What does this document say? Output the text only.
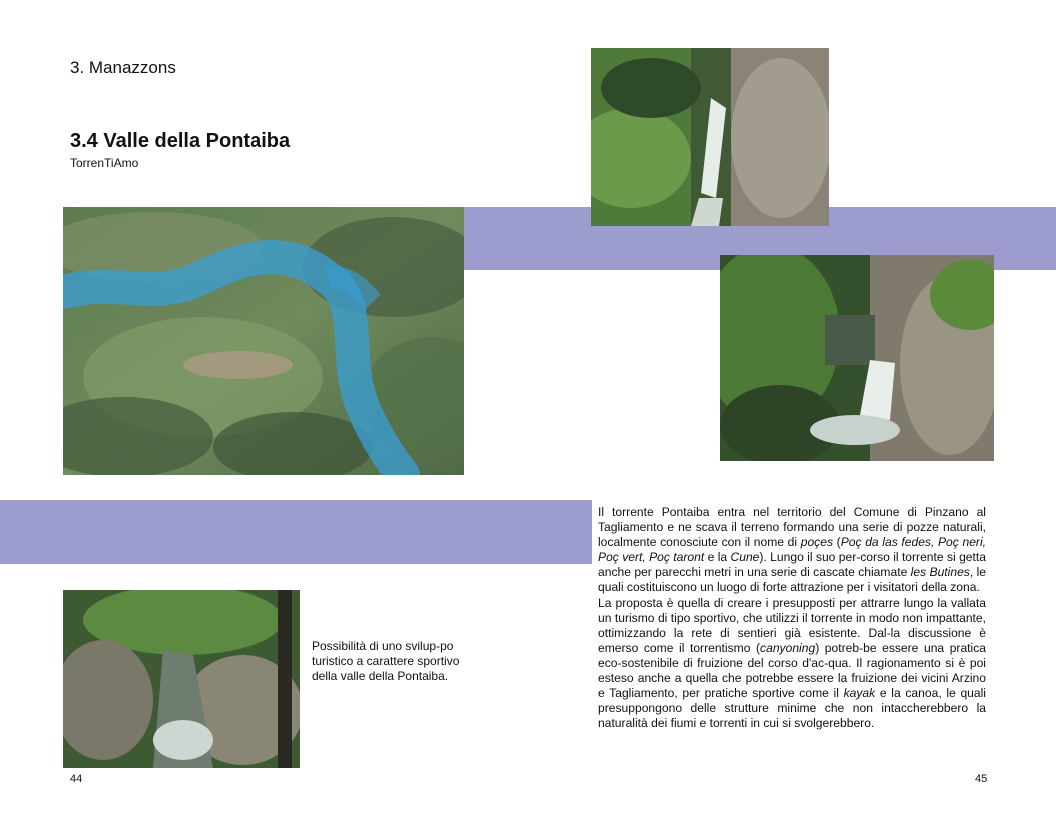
3. Manazzons
3.4 Valle della Pontaiba
TorrenTiAmo
Possibilità di uno svilup-po turistico a carattere sportivo della valle della Pontaiba.

Il torrente Pontaiba entra nel territorio del Comune di Pinzano al Tagliamento e ne scava il terreno formando una serie di pozze naturali, localmente conosciute con il nome di poçes (Poç da las fedes, Poç neri, Poç vert, Poç taront e la Cune). Lungo il suo per-corso il torrente si getta anche per parecchi metri in una serie di cascate chiamate les Butines, le quali costituiscono un luogo di forte attrazione per i visitatori della zona.

La proposta è quella di creare i presupposti per attrarre lungo la vallata un turismo di tipo sportivo, che utilizzi il torrente in modo non impattante, ottimizzando la rete di sentieri già esistente. Dal-la discussione è emerso come il torrentismo (canyoning) potreb-be essere una pratica eco-sostenibile di fruizione del corso d'ac-qua. Il ragionamento si è poi esteso anche a quella che potrebbe essere la fruizione dei vicini Arzino e Tagliamento, per pratiche sportive come il kayak e la canoa, le quali presuppongono delle strutture minime che non intaccherebbero la naturalità dei fiumi e torrenti in cui si svolgerebbero.

44	45
